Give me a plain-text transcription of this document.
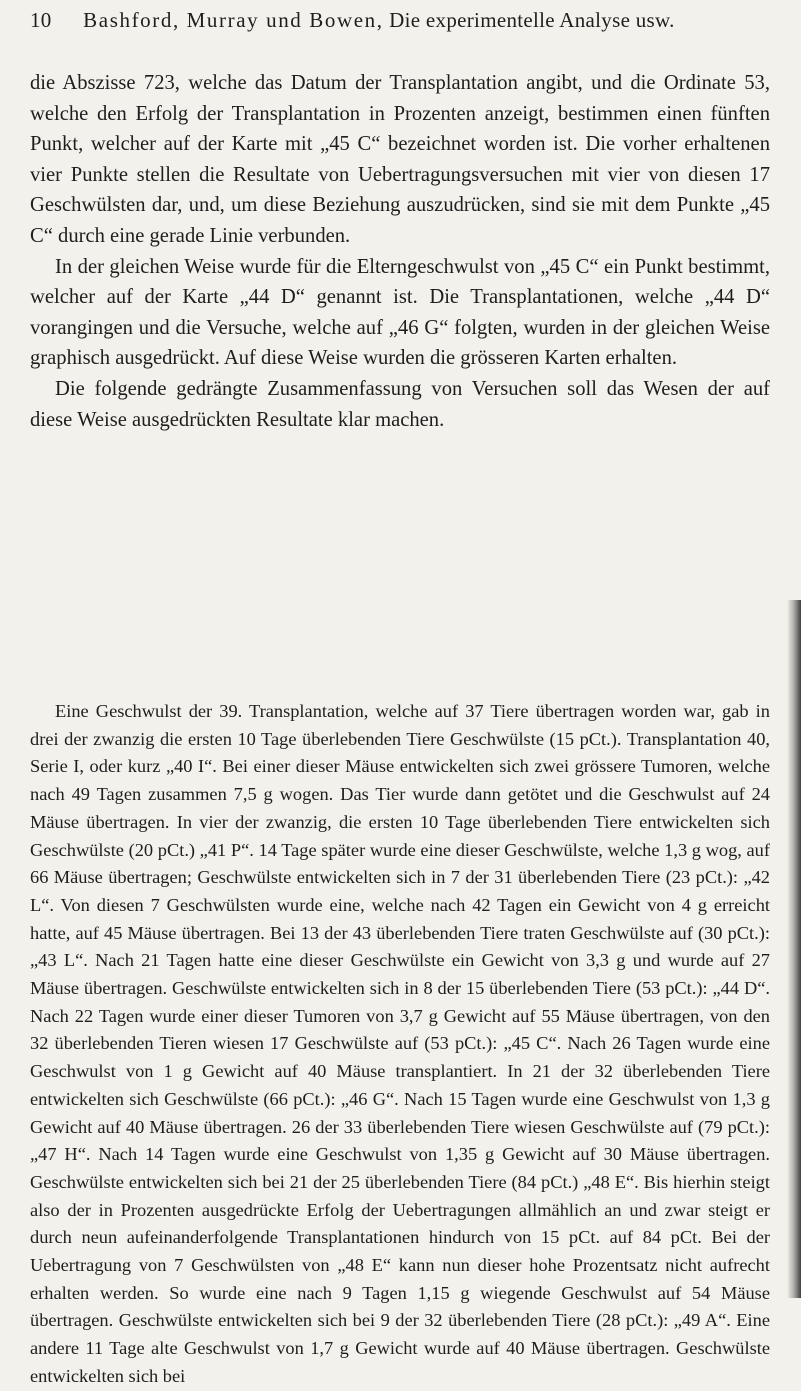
10 Bashford, Murray und Bowen, Die experimentelle Analyse usw.

die Abszisse 723, welche das Datum der Transplantation angibt, und die Ordinate 53, welche den Erfolg der Transplantation in Prozenten anzeigt, bestimmen einen fünften Punkt, welcher auf der Karte mit „45 C“ bezeichnet worden ist. Die vorher erhaltenen vier Punkte stellen die Resultate von Uebertragungsversuchen mit vier von diesen 17 Geschwülsten dar, und, um diese Beziehung auszudrücken, sind sie mit dem Punkte „45 C“ durch eine gerade Linie verbunden.

In der gleichen Weise wurde für die Elterngeschwulst von „45 C“ ein Punkt bestimmt, welcher auf der Karte „44 D“ genannt ist. Die Transplantationen, welche „44 D“ vorangingen und die Versuche, welche auf „46 G“ folgten, wurden in der gleichen Weise graphisch ausgedrückt. Auf diese Weise wurden die grösseren Karten erhalten.

Die folgende gedrängte Zusammenfassung von Versuchen soll das Wesen der auf diese Weise ausgedrückten Resultate klar machen.

Eine Geschwulst der 39. Transplantation, welche auf 37 Tiere übertragen worden war, gab in drei der zwanzig die ersten 10 Tage überlebenden Tiere Geschwülste (15 pCt.). Transplantation 40, Serie I, oder kurz „40 I“. Bei einer dieser Mäuse entwickelten sich zwei grössere Tumoren, welche nach 49 Tagen zusammen 7,5 g wogen. Das Tier wurde dann getötet und die Geschwulst auf 24 Mäuse übertragen. In vier der zwanzig, die ersten 10 Tage überlebenden Tiere entwickelten sich Geschwülste (20 pCt.) „41 P“. 14 Tage später wurde eine dieser Geschwülste, welche 1,3 g wog, auf 66 Mäuse übertragen; Geschwülste entwickelten sich in 7 der 31 überlebenden Tiere (23 pCt.): „42 L“. Von diesen 7 Geschwülsten wurde eine, welche nach 42 Tagen ein Gewicht von 4 g erreicht hatte, auf 45 Mäuse übertragen. Bei 13 der 43 überlebenden Tiere traten Geschwülste auf (30 pCt.): „43 L“. Nach 21 Tagen hatte eine dieser Geschwülste ein Gewicht von 3,3 g und wurde auf 27 Mäuse übertragen. Geschwülste entwickelten sich in 8 der 15 überlebenden Tiere (53 pCt.): „44 D“. Nach 22 Tagen wurde einer dieser Tumoren von 3,7 g Gewicht auf 55 Mäuse übertragen, von den 32 überlebenden Tieren wiesen 17 Geschwülste auf (53 pCt.): „45 C“. Nach 26 Tagen wurde eine Geschwulst von 1 g Gewicht auf 40 Mäuse transplantiert. In 21 der 32 überlebenden Tiere entwickelten sich Geschwülste (66 pCt.): „46 G“. Nach 15 Tagen wurde eine Geschwulst von 1,3 g Gewicht auf 40 Mäuse übertragen. 26 der 33 überlebenden Tiere wiesen Geschwülste auf (79 pCt.): „47 H“. Nach 14 Tagen wurde eine Geschwulst von 1,35 g Gewicht auf 30 Mäuse übertragen. Geschwülste entwickelten sich bei 21 der 25 überlebenden Tiere (84 pCt.) „48 E“. Bis hierhin steigt also der in Prozenten ausgedrückte Erfolg der Uebertragungen allmählich an und zwar steigt er durch neun aufeinanderfolgende Transplantationen hindurch von 15 pCt. auf 84 pCt. Bei der Uebertragung von 7 Geschwülsten von „48 E“ kann nun dieser hohe Prozentsatz nicht aufrecht erhalten werden. So wurde eine nach 9 Tagen 1,15 g wiegende Geschwulst auf 54 Mäuse übertragen. Geschwülste entwickelten sich bei 9 der 32 überlebenden Tiere (28 pCt.): „49 A“. Eine andere 11 Tage alte Geschwulst von 1,7 g Gewicht wurde auf 40 Mäuse übertragen. Geschwülste entwickelten sich bei
